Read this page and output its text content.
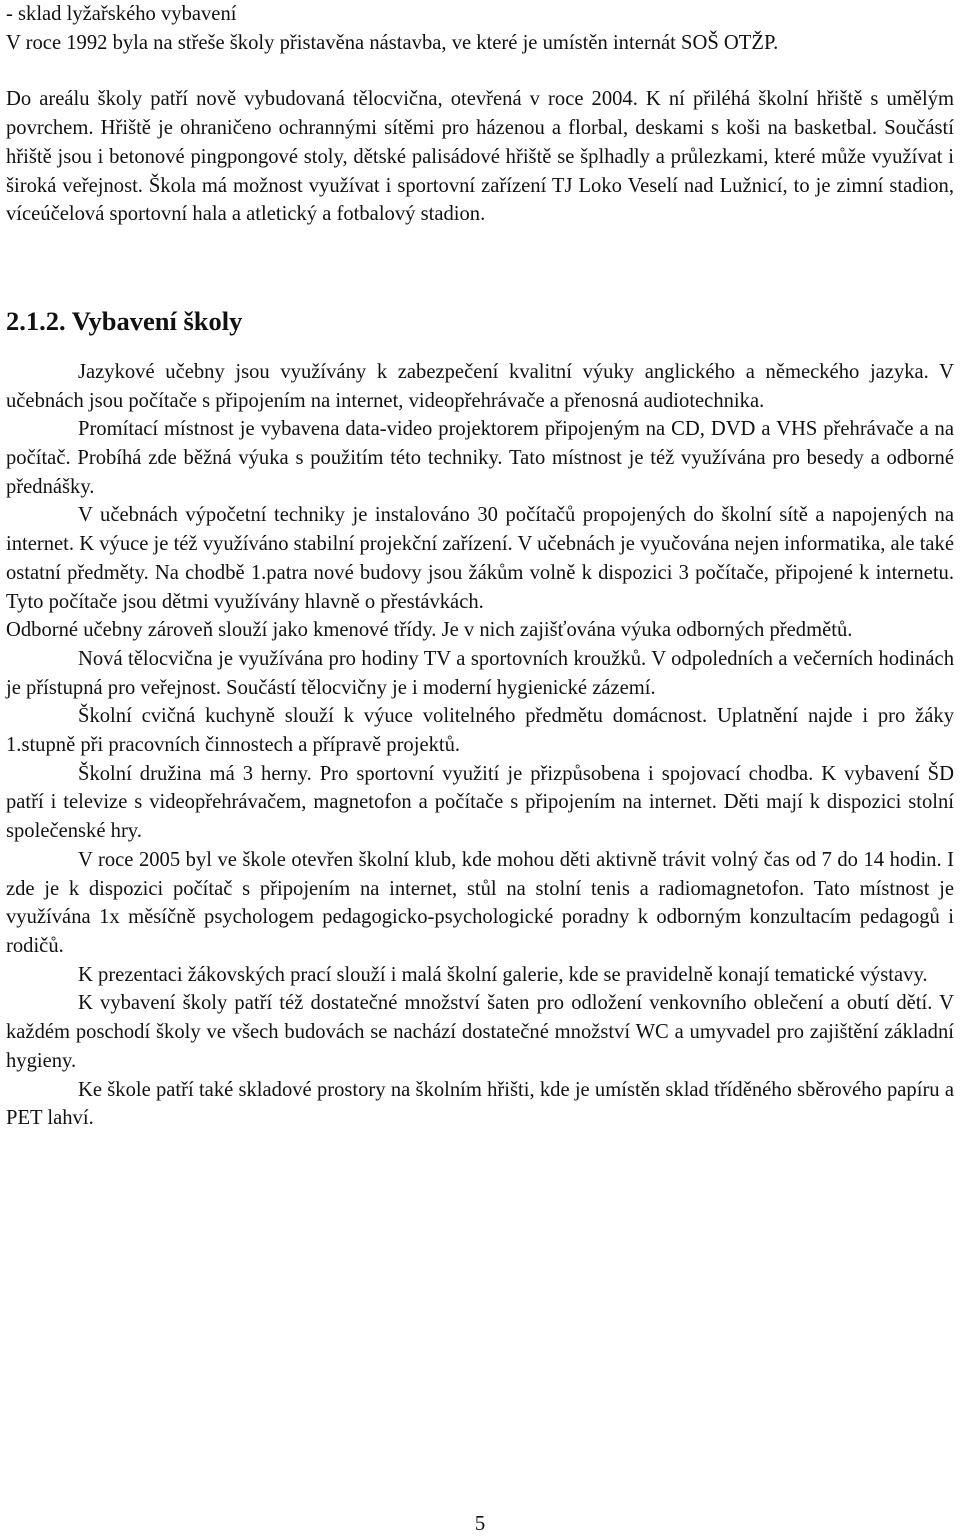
- sklad lyžařského vybavení

V roce 1992 byla na střeše školy přistavěna nástavba, ve které je umístěn internát SOŠ OTŽP.

Do areálu školy patří nově vybudovaná tělocvična, otevřená v roce 2004. K ní přiléhá školní hřiště s umělým povrchem. Hřiště je ohraničeno ochrannými sítěmi pro házenou a florbal, deskami s koši na basketbal. Součástí hřiště jsou i betonové pingpongové stoly, dětské palisádové hřiště se šplhadly a průlezkami, které může využívat i široká veřejnost. Škola má možnost využívat i sportovní zařízení TJ Loko Veselí nad Lužnicí, to je zimní stadion, víceúčelová sportovní hala a atletický a fotbalový stadion.

2.1.2. Vybavení školy

Jazykové učebny jsou využívány k zabezpečení kvalitní výuky anglického a německého jazyka. V učebnách jsou počítače s připojením na internet, videopřehrávače a přenosná audiotechnika.

Promítací místnost je vybavena data-video projektorem připojeným na CD, DVD a VHS přehrávače a na počítač. Probíhá zde běžná výuka s použitím této techniky. Tato místnost je též využívána pro besedy a odborné přednášky.

V učebnách výpočetní techniky je instalováno 30 počítačů propojených do školní sítě a napojených na internet. K výuce je též využíváno stabilní projekční zařízení. V učebnách je vyučována nejen informatika, ale také ostatní předměty. Na chodbě 1.patra nové budovy jsou žákům volně k dispozici 3 počítače, připojené k internetu. Tyto počítače jsou dětmi využívány hlavně o přestávkách.

Odborné učebny zároveň slouží jako kmenové třídy. Je v nich zajišťována výuka odborných předmětů.

Nová tělocvična je využívána pro hodiny TV a sportovních kroužků. V odpoledních a večerních hodinách je přístupná pro veřejnost. Součástí tělocvičny je i moderní hygienické zázemí.

Školní cvičná kuchyně slouží k výuce volitelného předmětu domácnost. Uplatnění najde i pro žáky 1.stupně při pracovních činnostech a přípravě projektů.

Školní družina má 3 herny. Pro sportovní využití je přizpůsobena i spojovací chodba. K vybavení ŠD patří i televize s videopřehrávačem, magnetofon a počítače s připojením na internet. Děti mají k dispozici stolní společenské hry.

V roce 2005 byl ve škole otevřen školní klub, kde mohou děti aktivně trávit volný čas od 7 do 14 hodin. I zde je k dispozici počítač s připojením na internet, stůl na stolní tenis a radiomagnetofon. Tato místnost je využívána 1x měsíčně psychologem pedagogicko-psychologické poradny k odborným konzultacím pedagogů i rodičů.

K prezentaci žákovských prací slouží i malá školní galerie, kde se pravidelně konají tematické výstavy.

K vybavení školy patří též dostatečné množství šaten pro odložení venkovního oblečení a obutí dětí. V každém poschodí školy ve všech budovách se nachází dostatečné množství WC a umyvadel pro zajištění základní hygieny.

Ke škole patří také skladové prostory na školním hřišti, kde je umístěn sklad tříděného sběrového papíru a PET lahví.

5
